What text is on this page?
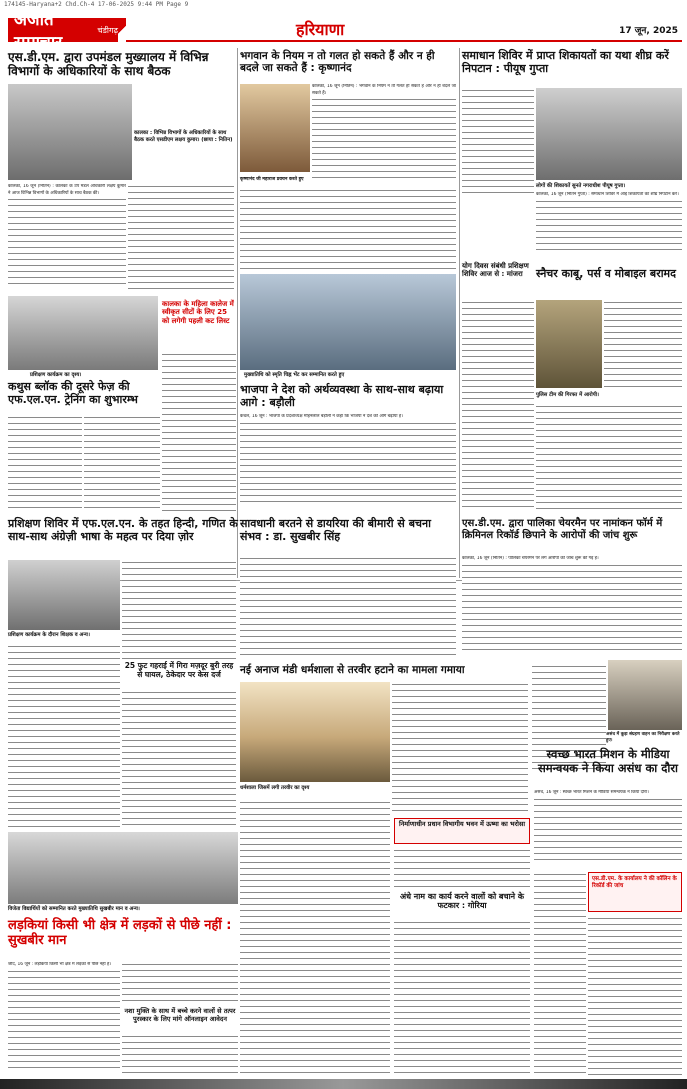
174145-Haryana+2 Chd.Ch-4 17-06-2025 9:44 PM Page 9
अजीत समाचार
चंडीगढ़	हरियाणा	17 जून, 2025
एस.डी.एम. द्वारा उपमंडल मुख्यालय में विभिन्न विभागों के अधिकारियों के साथ बैठक
कालका : विभिन्न विभागों के अधिकारियों के साथ बैठक करते एसडीएम लक्षय कुमार। (छाया : नितिन)
कालका, 16 जून (नितिन) : कालका के उप मंडल अधिकारी लक्षय कुमार ने आज विभिन्न विभागों के अधिकारियों के साथ बैठक की।
प्रशिक्षण कार्यक्रम का दृश्य।
कथुस ब्लॉक की दूसरे फेज़ की एफ.एल.एन. ट्रेनिंग का शुभारम्भ
कालका के महिला कालेज में स्वीकृत सीटों के लिए 25 को लगेगी पहली कट लिस्ट
भगवान के नियम न तो गलत हो सकते हैं और न ही बदले जा सकते हैं : कृष्णानंद
कृष्णानंद जी महाराज प्रवचन करते हुए
कालका, 16 जून (नितिन) : भगवान के नियम न तो गलत हो सकते हैं और न ही बदले जा सकते हैं।
मुख्यातिथि को स्मृति चिह्न भेंट कर सम्मानित करते हुए
भाजपा ने देश को अर्थव्यवस्था के साथ-साथ बढ़ाया आगे : बड़ौली
कैथल, 16 जून : भाजपा के प्रदेशाध्यक्ष मोहनलाल बड़ौली ने कहा कि भाजपा ने देश को आगे बढ़ाया है।
समाधान शिविर में प्राप्त शिकायतों का यथा शीघ्र करें निपटान : पीयूष गुप्ता
लोगों की शिकायतें सुनते नगराधीश पीयूष गुप्ता।
कालका, 16 जून (नितिन गुप्ता) : समाधान शिविर में आई शिकायतों का शीघ्र निपटान करें।
योग दिवस संबंधी प्रशिक्षण शिविर आज से : मांजरा	स्नैचर काबू, पर्स व मोबाइल बरामद
पुलिस टीम की गिरफ्त में आरोपी।
प्रशिक्षण शिविर में एफ.एल.एन. के तहत हिन्दी, गणित के साथ-साथ अंग्रेज़ी भाषा के महत्व पर दिया ज़ोर
प्रशिक्षण कार्यक्रम के दौरान शिक्षक व अन्य।
सावधानी बरतने से डायरिया की बीमारी से बचना संभव : डा. सुखबीर सिंह
एस.डी.एम. द्वारा पालिका चेयरमैन पर नामांकन फॉर्म में क्रिमिनल रिकॉर्ड छिपाने के आरोपों की जांच शुरू
कालका, 16 जून (नितिन) : पालिका चेयरमैन पर लगे आरोपों की जांच शुरू की गई है।
25 फुट गहराई में गिरा मज़दूर बुरी तरह से घायल, ठेकेदार पर केस दर्ज	नई अनाज मंडी धर्मशाला से तरवीर हटाने का मामला गमाया
धर्मशाला जिसमें लगी तरवीर का दृश्य
असंध में कूड़ा संग्रहण वाहन का निरीक्षण करते हुए।
विजेता विद्यार्थियों को सम्मानित करते मुख्यातिथि सुखबीर मान व अन्य।
लड़कियां किसी भी क्षेत्र में लड़कों से पीछे नहीं : सुखबीर मान
जींद, 16 जून : लड़कियां किसी भी क्षेत्र में लड़कों से पीछे नहीं हैं।
नशा मुक्ति के साथ में बच्चे करने वालों से तत्पर पुरस्कार के लिए मांगे ऑनलाइन आवेदन
निर्माणाधीन प्रधान विभागीय भवन में ऊष्मा का भरोसा
अंधे नाम का कार्य करने वालों को बचाने के फटकार : गोरिया
स्वच्छ भारत मिशन के मीडिया समन्वयक ने किया असंध का दौरा
असंध, 16 जून : स्वच्छ भारत मिशन के मीडिया समन्वयक ने किया दौरा।
एस.डी.एम. के कार्यालय ने की कॉलिन के रिकॉर्ड की जांच
